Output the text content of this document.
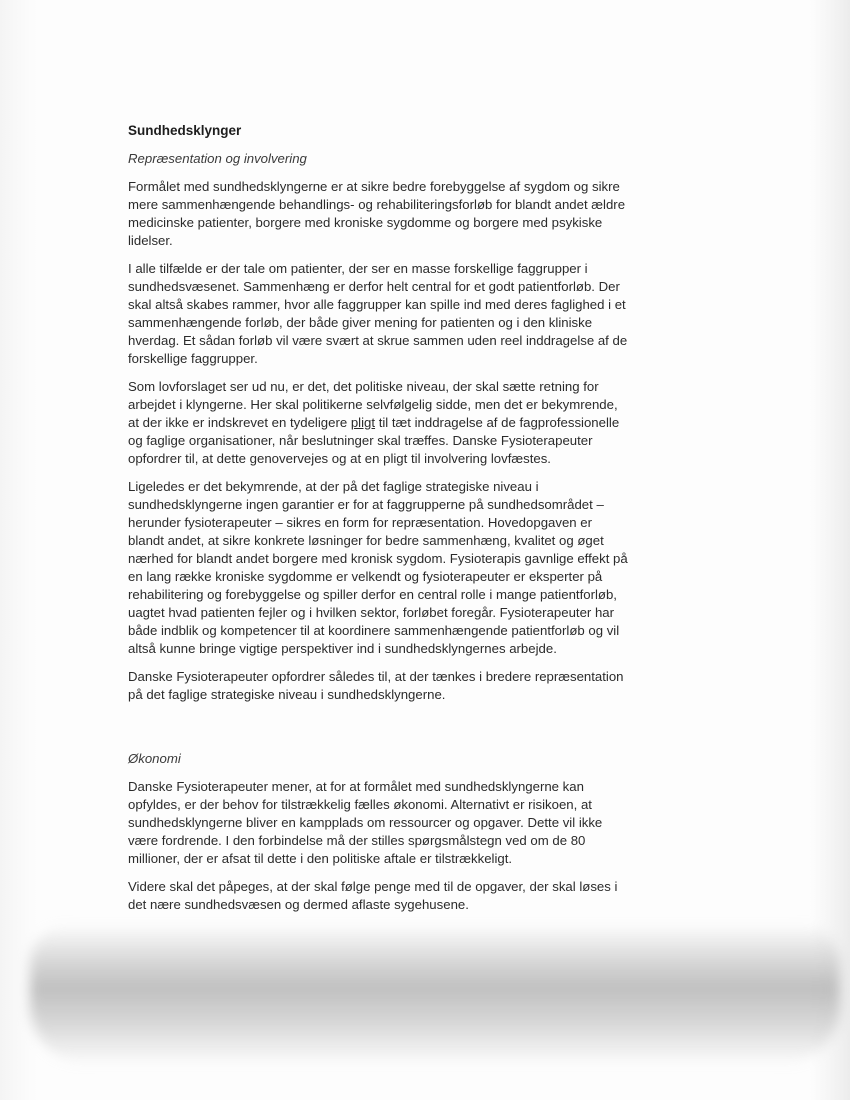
Sundhedsklynger
Repræsentation og involvering

Formålet med sundhedsklyngerne er at sikre bedre forebyggelse af sygdom og sikre mere sammenhængende behandlings- og rehabiliteringsforløb for blandt andet ældre medicinske patienter, borgere med kroniske sygdomme og borgere med psykiske lidelser.

I alle tilfælde er der tale om patienter, der ser en masse forskellige faggrupper i sundhedsvæsenet. Sammenhæng er derfor helt central for et godt patientforløb. Der skal altså skabes rammer, hvor alle faggrupper kan spille ind med deres faglighed i et sammenhængende forløb, der både giver mening for patienten og i den kliniske hverdag. Et sådan forløb vil være svært at skrue sammen uden reel inddragelse af de forskellige faggrupper.

Som lovforslaget ser ud nu, er det, det politiske niveau, der skal sætte retning for arbejdet i klyngerne. Her skal politikerne selvfølgelig sidde, men det er bekymrende, at der ikke er indskrevet en tydeligere pligt til tæt inddragelse af de fagprofessionelle og faglige organisationer, når beslutninger skal træffes. Danske Fysioterapeuter opfordrer til, at dette genovervejes og at en pligt til involvering lovfæstes.

Ligeledes er det bekymrende, at der på det faglige strategiske niveau i sundhedsklyngerne ingen garantier er for at faggrupperne på sundhedsområdet – herunder fysioterapeuter – sikres en form for repræsentation. Hovedopgaven er blandt andet, at sikre konkrete løsninger for bedre sammenhæng, kvalitet og øget nærhed for blandt andet borgere med kronisk sygdom. Fysioterapis gavnlige effekt på en lang række kroniske sygdomme er velkendt og fysioterapeuter er eksperter på rehabilitering og forebyggelse og spiller derfor en central rolle i mange patientforløb, uagtet hvad patienten fejler og i hvilken sektor, forløbet foregår. Fysioterapeuter har både indblik og kompetencer til at koordinere sammenhængende patientforløb og vil altså kunne bringe vigtige perspektiver ind i sundhedsklyngernes arbejde.

Danske Fysioterapeuter opfordrer således til, at der tænkes i bredere repræsentation på det faglige strategiske niveau i sundhedsklyngerne.

Økonomi

Danske Fysioterapeuter mener, at for at formålet med sundhedsklyngerne kan opfyldes, er der behov for tilstrækkelig fælles økonomi. Alternativt er risikoen, at sundhedsklyngerne bliver en kampplads om ressourcer og opgaver. Dette vil ikke være fordrende. I den forbindelse må der stilles spørgsmålstegn ved om de 80 millioner, der er afsat til dette i den politiske aftale er tilstrækkeligt.

Videre skal det påpeges, at der skal følge penge med til de opgaver, der skal løses i det nære sundhedsvæsen og dermed aflaste sygehusene.
